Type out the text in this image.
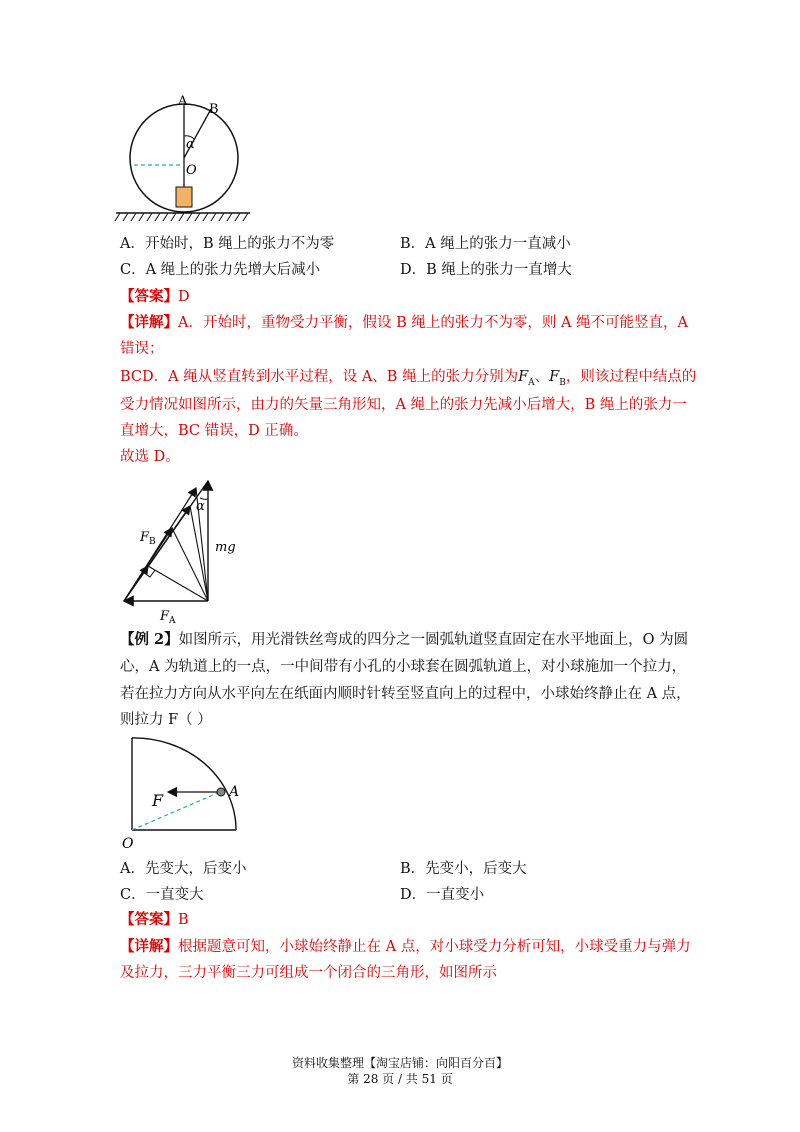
A
B
α
O
A．开始时，B 绳上的张力不为零	B．A 绳上的张力一直减小
C．A 绳上的张力先增大后减小	D．B 绳上的张力一直增大
【答案】D
【详解】A．开始时，重物受力平衡，假设 B 绳上的张力不为零，则 A 绳不可能竖直，A
错误；
BCD．A 绳从竖直转到水平过程，设 A、B 绳上的张力分别为$F_A$、$F_B$，则该过程中结点的
受力情况如图所示，由力的矢量三角形知，A 绳上的张力先减小后增大，B 绳上的张力一
直增大，BC 错误，D 正确。
故选 D。
α
$F_B$	mg
$F_A$
【例 2】如图所示，用光滑铁丝弯成的四分之一圆弧轨道竖直固定在水平地面上，O 为圆
心，A 为轨道上的一点，一中间带有小孔的小球套在圆弧轨道上，对小球施加一个拉力，
若在拉力方向从水平向左在纸面内顺时针转至竖直向上的过程中，小球始终静止在 A 点，
则拉力 F（ ）
F	A
O
A．先变大，后变小	B．先变小，后变大
C．一直变大	D．一直变小
【答案】B
【详解】根据题意可知，小球始终静止在 A 点，对小球受力分析可知，小球受重力与弹力
及拉力，三力平衡三力可组成一个闭合的三角形，如图所示
资料收集整理【淘宝店铺：向阳百分百】
第 28 页 / 共 51 页
